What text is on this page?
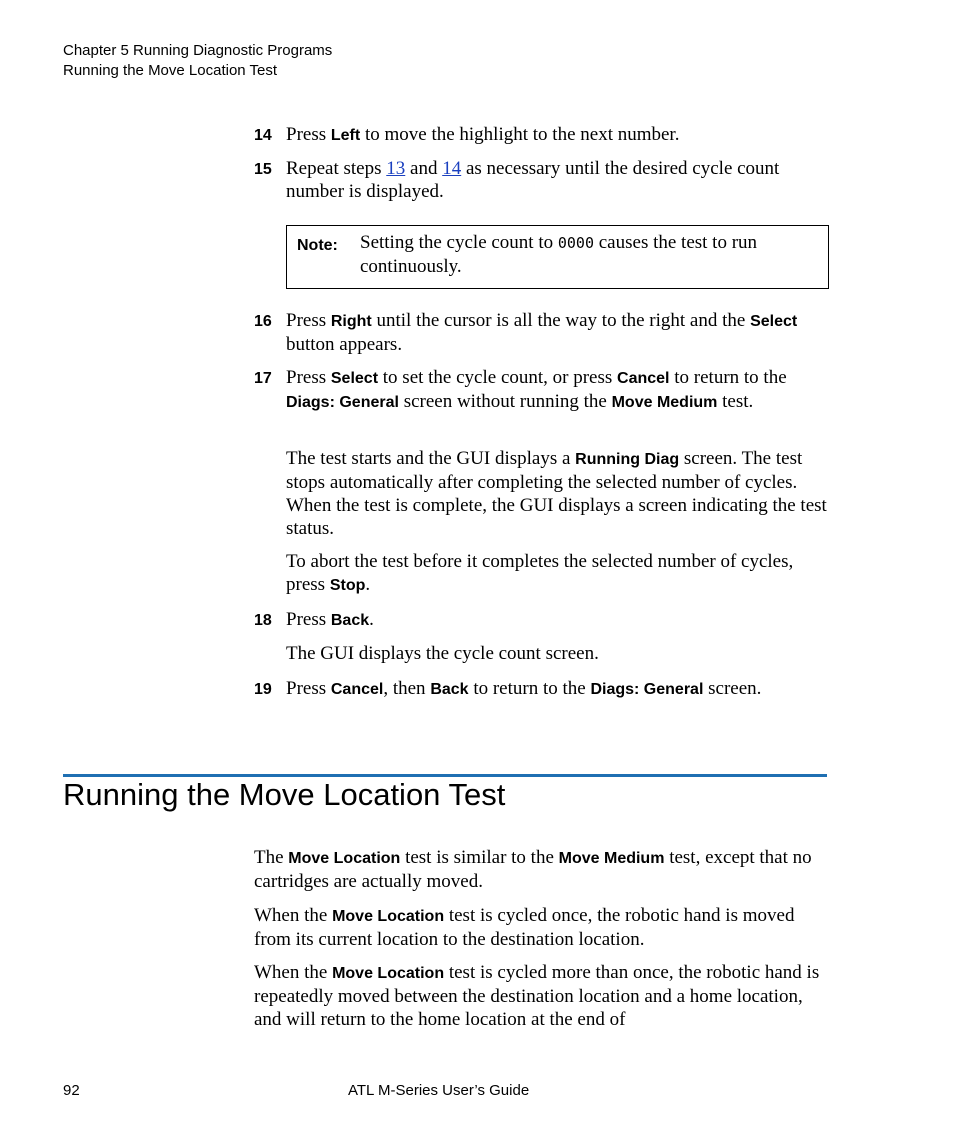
Chapter 5 Running Diagnostic Programs
Running the Move Location Test
14 Press Left to move the highlight to the next number.
15 Repeat steps 13 and 14 as necessary until the desired cycle count number is displayed.
Note: Setting the cycle count to 0000 causes the test to run continuously.
16 Press Right until the cursor is all the way to the right and the Select button appears.
17 Press Select to set the cycle count, or press Cancel to return to the Diags: General screen without running the Move Medium test.
The test starts and the GUI displays a Running Diag screen. The test stops automatically after completing the selected number of cycles. When the test is complete, the GUI displays a screen indicating the test status.
To abort the test before it completes the selected number of cycles, press Stop.
18 Press Back.
The GUI displays the cycle count screen.
19 Press Cancel, then Back to return to the Diags: General screen.
Running the Move Location Test
The Move Location test is similar to the Move Medium test, except that no cartridges are actually moved.
When the Move Location test is cycled once, the robotic hand is moved from its current location to the destination location.
When the Move Location test is cycled more than once, the robotic hand is repeatedly moved between the destination location and a home location, and will return to the home location at the end of
92	ATL M-Series User’s Guide
